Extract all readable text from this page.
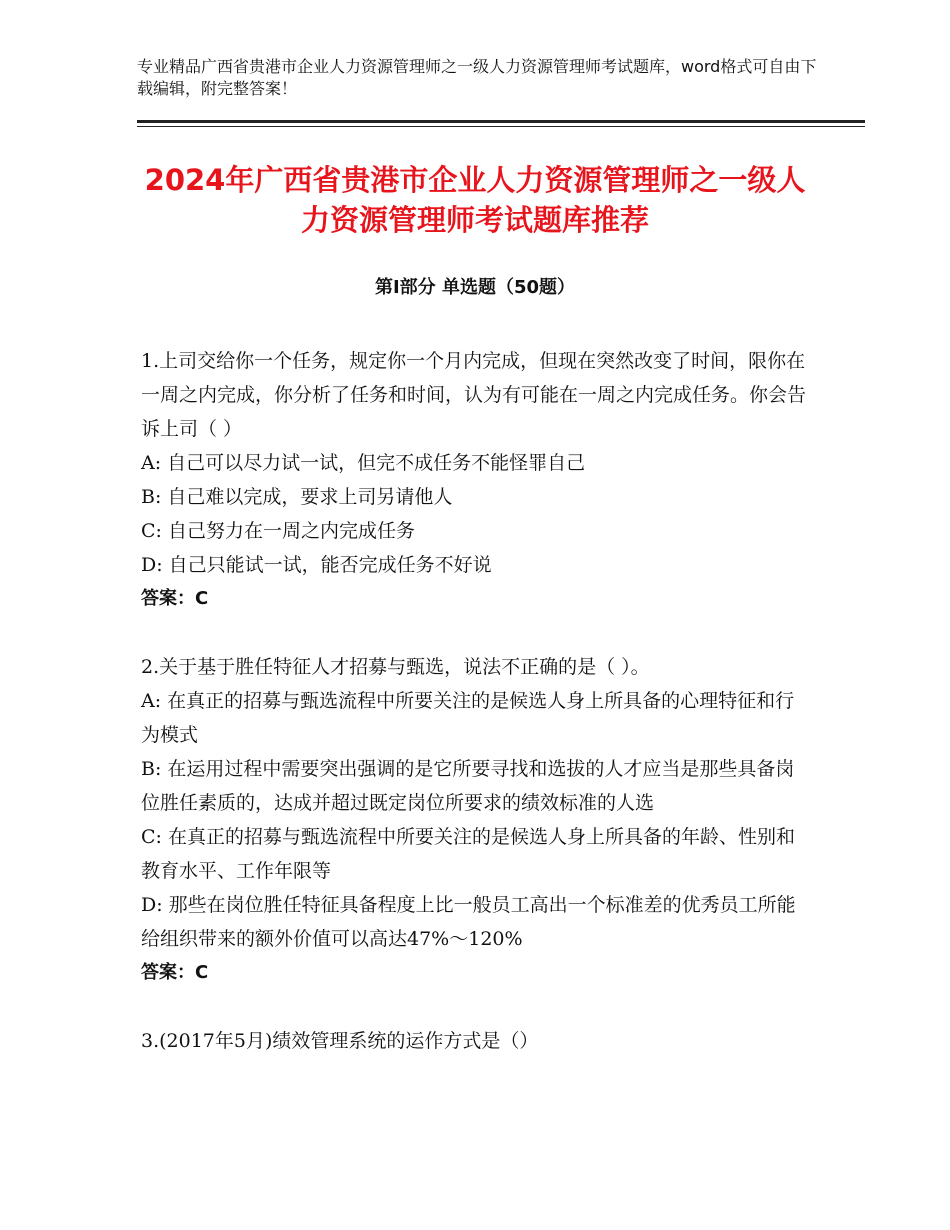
专业精品广西省贵港市企业人力资源管理师之一级人力资源管理师考试题库，word格式可自由下载编辑，附完整答案！
2024年广西省贵港市企业人力资源管理师之一级人力资源管理师考试题库推荐
第Ⅰ部分 单选题（50题）
1.上司交给你一个任务，规定你一个月内完成，但现在突然改变了时间，限你在一周之内完成，你分析了任务和时间，认为有可能在一周之内完成任务。你会告诉上司（ ）
A: 自己可以尽力试一试，但完不成任务不能怪罪自己
B: 自己难以完成，要求上司另请他人
C: 自己努力在一周之内完成任务
D: 自己只能试一试，能否完成任务不好说
答案：C
2.关于基于胜任特征人才招募与甄选，说法不正确的是（ ）。
A: 在真正的招募与甄选流程中所要关注的是候选人身上所具备的心理特征和行为模式
B: 在运用过程中需要突出强调的是它所要寻找和选拔的人才应当是那些具备岗位胜任素质的，达成并超过既定岗位所要求的绩效标准的人选
C: 在真正的招募与甄选流程中所要关注的是候选人身上所具备的年龄、性别和教育水平、工作年限等
D: 那些在岗位胜任特征具备程度上比一般员工高出一个标准差的优秀员工所能给组织带来的额外价值可以高达47%～120%
答案：C
3.(2017年5月)绩效管理系统的运作方式是（）
